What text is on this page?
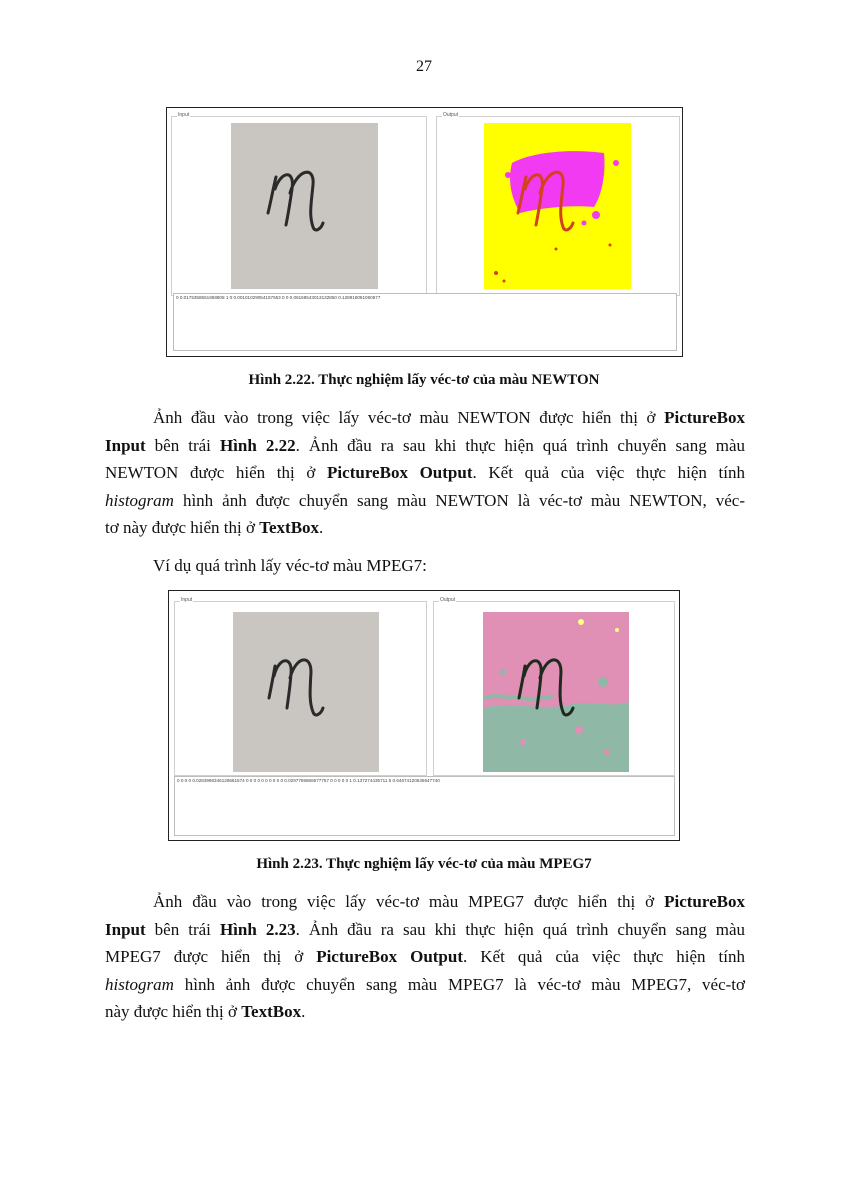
27
Input	Output
0 0.0175358551868808 1 0 0.00101029054157553 0 0 0.06168543013132850 0.128818081060577
Hình 2.22. Thực nghiệm lấy véc-tơ của màu NEWTON
Ảnh đầu vào trong việc lấy véc-tơ màu NEWTON được hiển thị ở PictureBox
Input bên trái Hình 2.22. Ảnh đầu ra sau khi thực hiện quá trình chuyển sang màu
NEWTON được hiển thị ở PictureBox Output. Kết quả của việc thực hiện tính
histogram hình ảnh được chuyển sang màu NEWTON là véc-tơ màu NEWTON, véc-
tơ này được hiển thị ở TextBox.
Ví dụ quá trình lấy véc-tơ màu MPEG7:
Input	Output
0 0 0 0 0.0283996346128661574 0 0 0 0 0 0 0 0 0 0 0.0297786866677757 0 0 0 0 0 1 0.137274435711 5 0.64674120535647740
Hình 2.23. Thực nghiệm lấy véc-tơ của màu MPEG7
Ảnh đầu vào trong việc lấy véc-tơ màu MPEG7 được hiển thị ở PictureBox
Input bên trái Hình 2.23. Ảnh đầu ra sau khi thực hiện quá trình chuyển sang màu
MPEG7 được hiển thị ở PictureBox Output. Kết quả của việc thực hiện tính
histogram hình ảnh được chuyển sang màu MPEG7 là véc-tơ màu MPEG7, véc-tơ
này được hiển thị ở TextBox.
